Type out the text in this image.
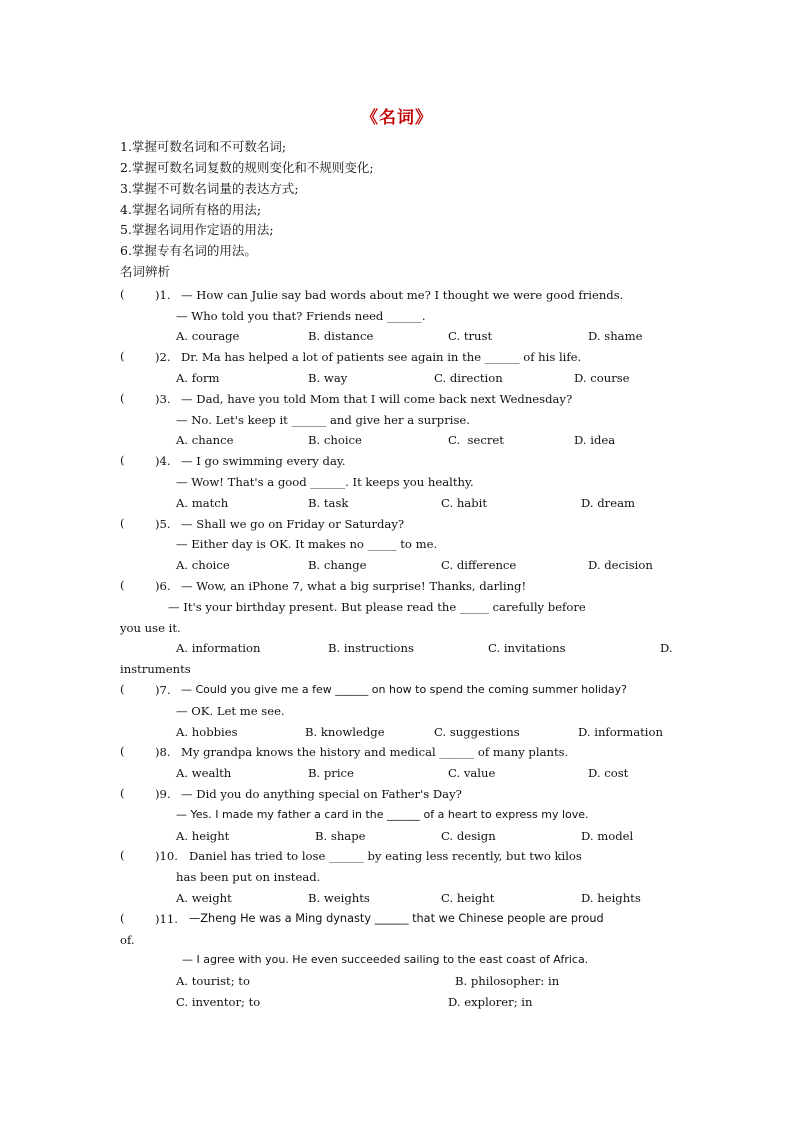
《名词》
1.掌握可数名词和不可数名词;
2.掌握可数名词复数的规则变化和不规则变化;
3.掌握不可数名词量的表达方式;
4.掌握名词所有格的用法;
5.掌握名词用作定语的用法;
6.掌握专有名词的用法。
名词辨析
(	)1. — How can Julie say bad words about me? I thought we were good friends.
— Who told you that? Friends need ______.
A. courage	B. distance	C. trust	D. shame
(	)2. Dr. Ma has helped a lot of patients see again in the ______ of his life.
A. form	B. way	C. direction	D. course
(	)3. — Dad, have you told Mom that I will come back next Wednesday?
— No. Let's keep it ______ and give her a surprise.
A. chance	B. choice	C.  secret	D. idea
(	)4. — I go swimming every day.
— Wow! That's a good ______. It keeps you healthy.
A. match	B. task	C. habit	D. dream
(	)5. — Shall we go on Friday or Saturday?
— Either day is OK. It makes no _____ to me.
A. choice	B. change	C. difference	D. decision
(	)6. — Wow, an iPhone 7, what a big surprise! Thanks, darling!
— It's your birthday present. But please read the _____ carefully before
you use it.
A. information	B. instructions	C. invitations	D.
instruments
(	)7. — Could you give me a few ______ on how to spend the coming summer holiday?
— OK. Let me see.
A. hobbies	B. knowledge	C. suggestions	D. information
(	)8. My grandpa knows the history and medical ______ of many plants.
A. wealth	B. price	C. value	D. cost
(	)9. — Did you do anything special on Father's Day?
— Yes. I made my father a card in the ______ of a heart to express my love.
A. height	B. shape	C. design	D. model
(	)10. Daniel has tried to lose ______ by eating less recently, but two kilos
has been put on instead.
A. weight	B. weights	C. height	D. heights
(	)11. —Zheng He was a Ming dynasty ______ that we Chinese people are proud
of.
— I agree with you. He even succeeded sailing to the east coast of Africa.
A. tourist; to	B. philosopher: in
C. inventor; to	D. explorer; in
